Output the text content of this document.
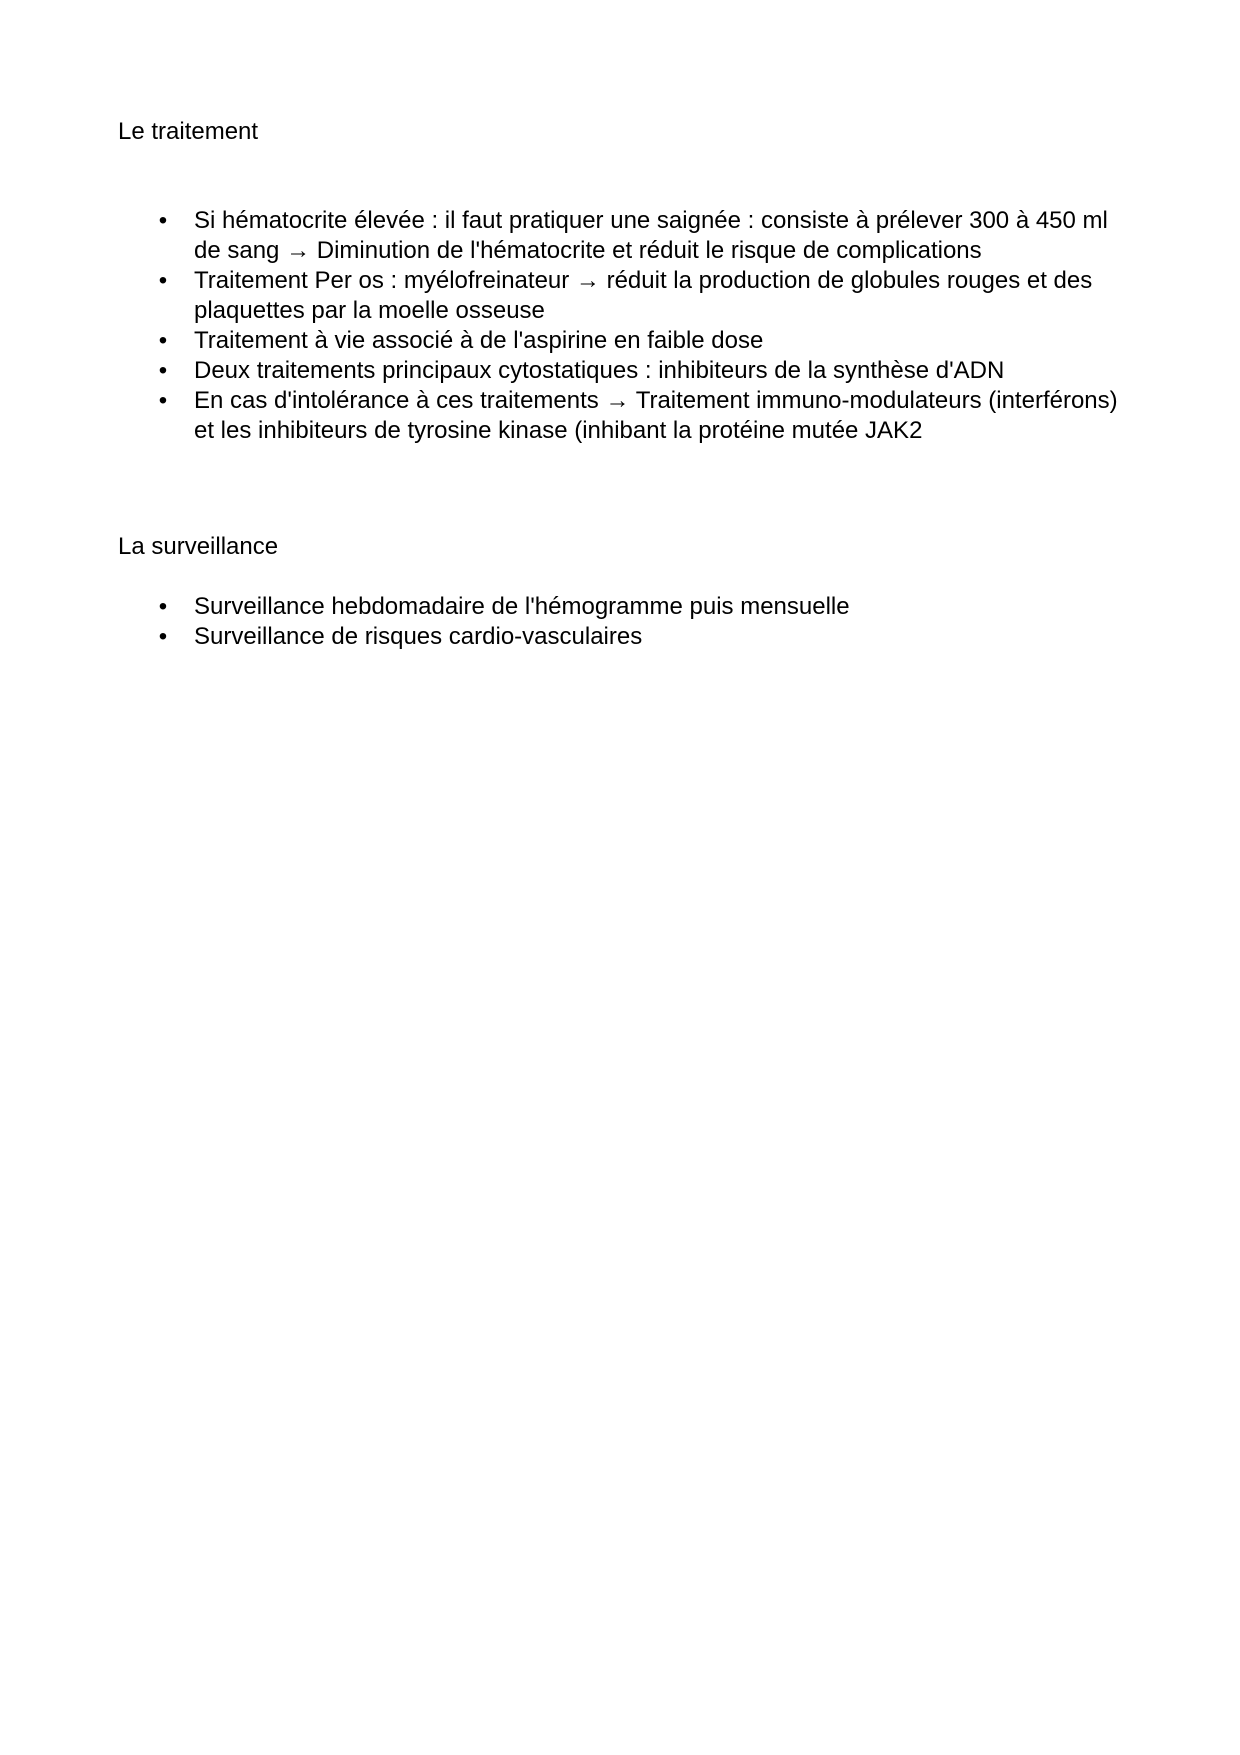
Le traitement
• Si hématocrite élevée : il faut pratiquer une saignée : consiste à prélever 300 à 450 ml de sang → Diminution de l'hématocrite et réduit le risque de complications
• Traitement Per os : myélofreinateur → réduit la production de globules rouges et des plaquettes par la moelle osseuse
• Traitement à vie associé à de l'aspirine en faible dose
• Deux traitements principaux cytostatiques : inhibiteurs de la synthèse d'ADN
• En cas d'intolérance à ces traitements → Traitement immuno-modulateurs (interférons) et les inhibiteurs de tyrosine kinase (inhibant la protéine mutée JAK2
La surveillance
• Surveillance hebdomadaire de l'hémogramme puis mensuelle
• Surveillance de risques cardio-vasculaires
